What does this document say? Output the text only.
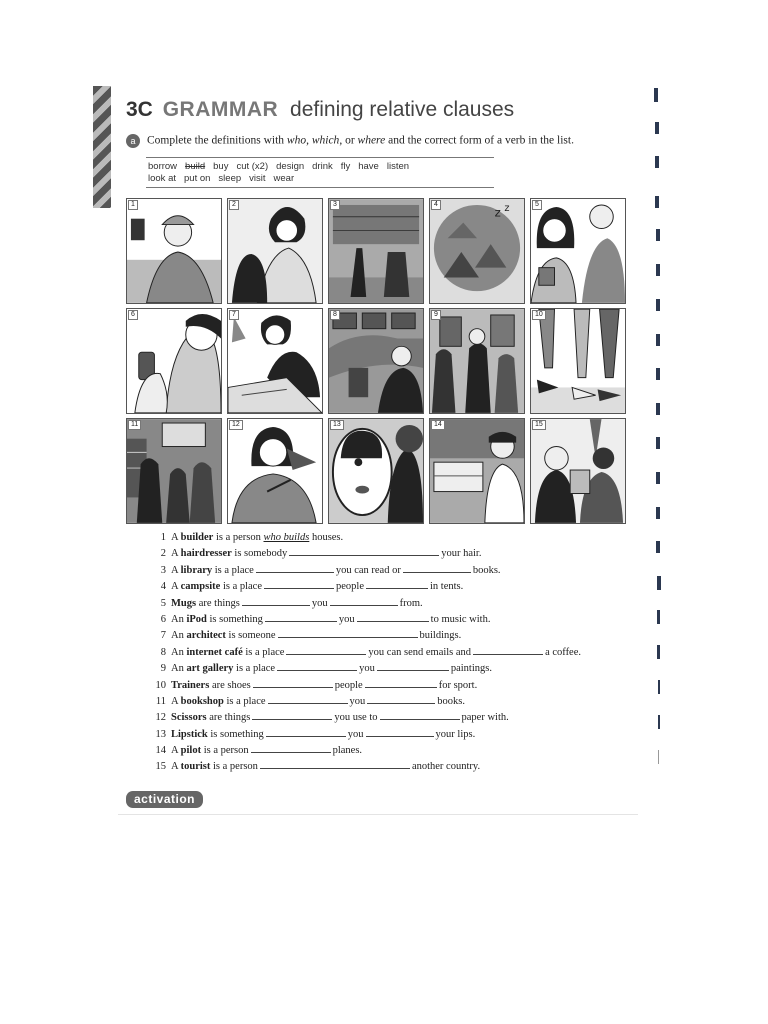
3C GRAMMAR defining relative clauses
a Complete the definitions with who, which, or where and the correct form of a verb in the list.
borrow build buy cut (x2) design drink fly have listen
look at put on sleep visit wear
1	2	3
z z
4	5
6	7	8	9	10
11	12	13	14	15
1 A builder is a person who builds houses.
2 A hairdresser is somebody	your hair.
3 A library is a place	you can read or	books.
4 A campsite is a place	people	in tents.
5 Mugs are things	you	from.
6 An iPod is something	you	to music with.
7 An architect is someone	buildings.
8 An internet café is a place	you can send emails and	a coffee.
9 An art gallery is a place	you	paintings.
10 Trainers are shoes	people	for sport.
11 A bookshop is a place	you	books.
12 Scissors are things	you use to	paper with.
13 Lipstick is something	you	your lips.
14 A pilot is a person	planes.
15 A tourist is a person	another country.
activation
